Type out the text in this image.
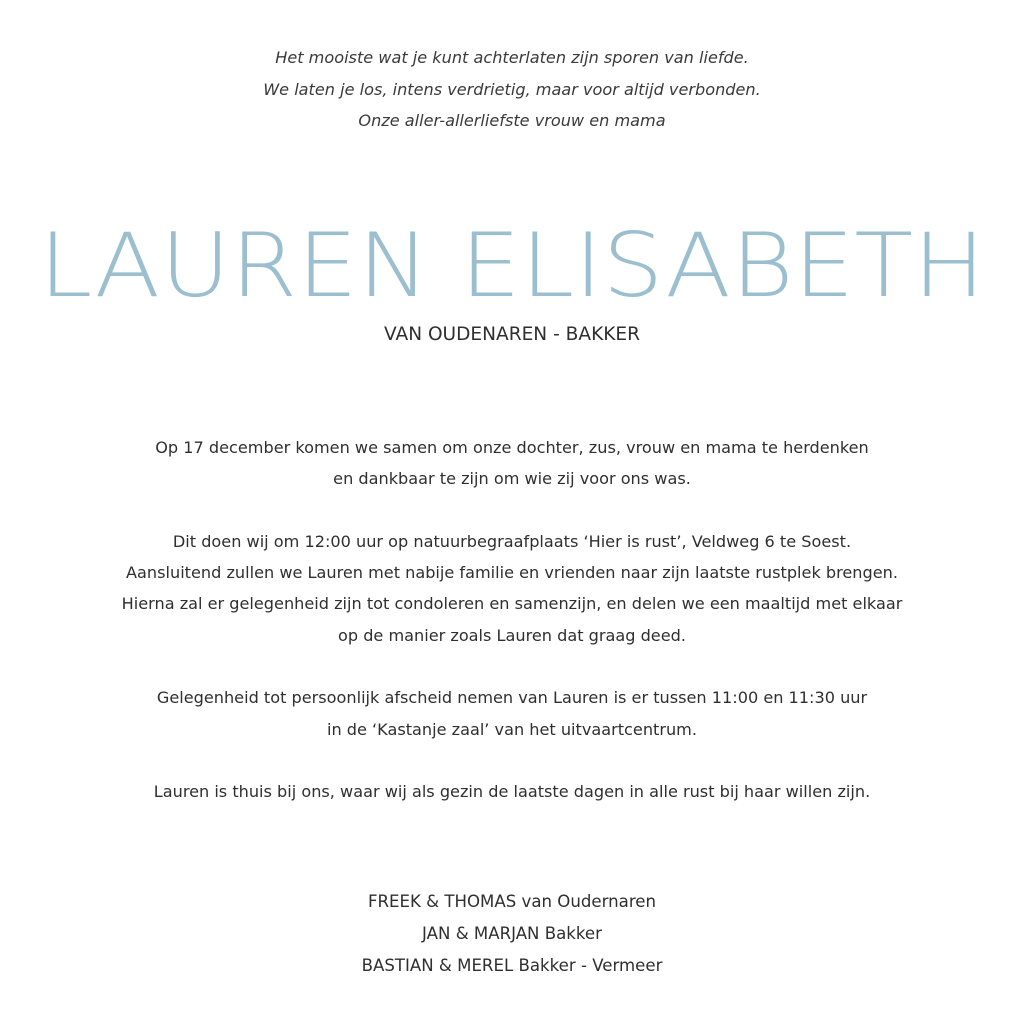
Het mooiste wat je kunt achterlaten zijn sporen van liefde.
We laten je los, intens verdrietig, maar voor altijd verbonden.
Onze aller-allerliefste vrouw en mama
LAUREN ELISABETH
VAN OUDENAREN - BAKKER
Op 17 december komen we samen om onze dochter, zus, vrouw en mama te herdenken
en dankbaar te zijn om wie zij voor ons was.
Dit doen wij om 12:00 uur op natuurbegraafplaats ‘Hier is rust’, Veldweg 6 te Soest.
Aansluitend zullen we Lauren met nabije familie en vrienden naar zijn laatste rustplek brengen.
Hierna zal er gelegenheid zijn tot condoleren en samenzijn, en delen we een maaltijd met elkaar
op de manier zoals Lauren dat graag deed.
Gelegenheid tot persoonlijk afscheid nemen van Lauren is er tussen 11:00 en 11:30 uur
in de ‘Kastanje zaal’ van het uitvaartcentrum.
Lauren is thuis bij ons, waar wij als gezin de laatste dagen in alle rust bij haar willen zijn.
FREEK & THOMAS van Oudernaren
JAN & MARJAN Bakker
BASTIAN & MEREL Bakker - Vermeer
